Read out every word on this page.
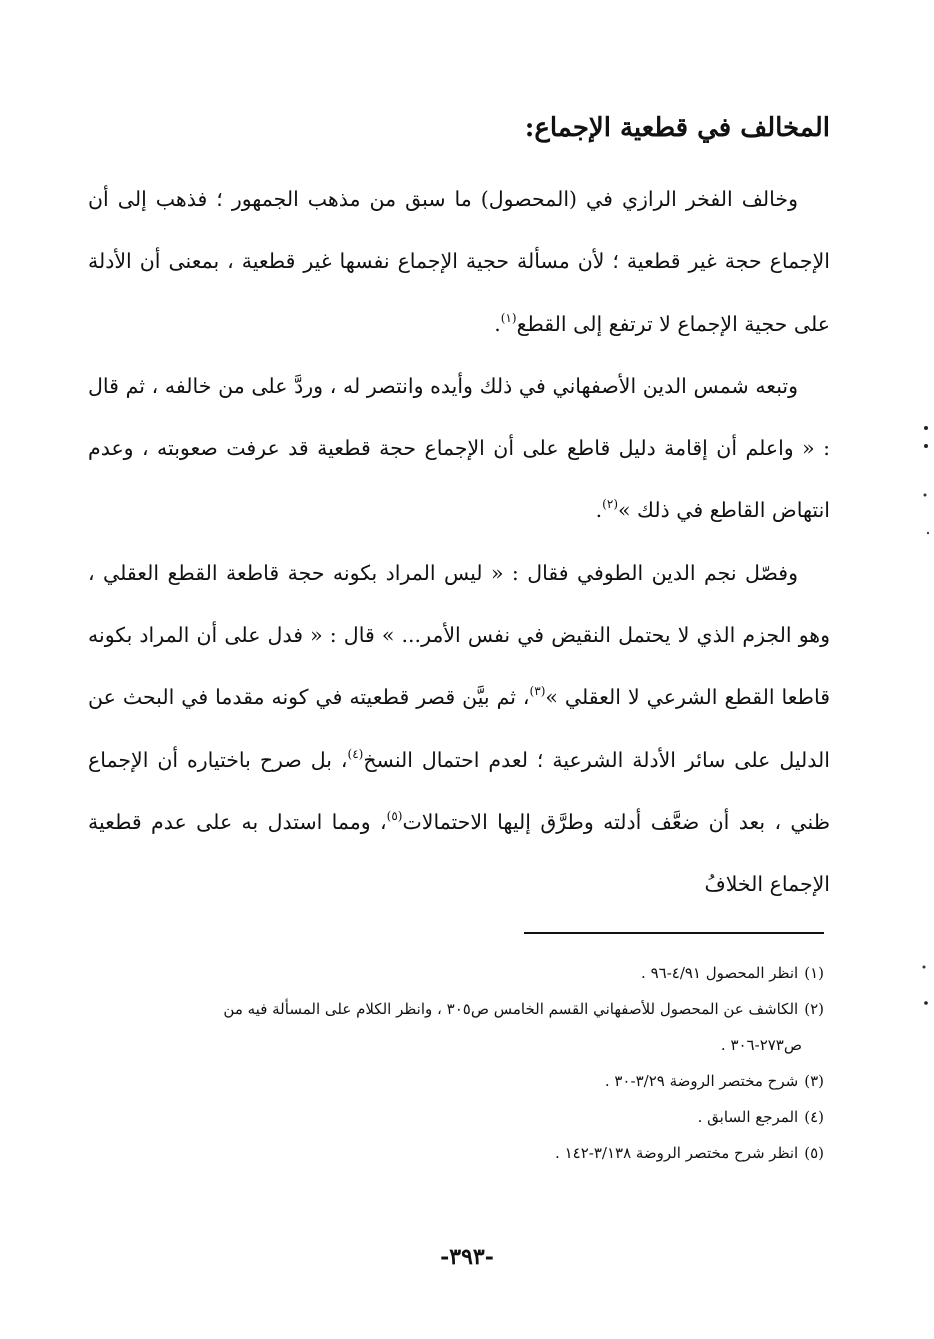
المخالف في قطعية الإجماع:

وخالف الفخر الرازي في (المحصول) ما سبق من مذهب الجمهور ؛ فذهب إلى أن الإجماع حجة غير قطعية ؛ لأن مسألة حجية الإجماع نفسها غير قطعية ، بمعنى أن الأدلة على حجية الإجماع لا ترتفع إلى القطع$^{(١)}$.

وتبعه شمس الدين الأصفهاني في ذلك وأيده وانتصر له ، وردَّ على من خالفه ، ثم قال : « واعلم أن إقامة دليل قاطع على أن الإجماع حجة قطعية قد عرفت صعوبته ، وعدم انتهاض القاطع في ذلك »$^{(٢)}$.

وفصّل نجم الدين الطوفي فقال : « ليس المراد بكونه حجة قاطعة القطع العقلي ، وهو الجزم الذي لا يحتمل النقيض في نفس الأمر... » قال : « فدل على أن المراد بكونه قاطعا القطع الشرعي لا العقلي »$^{(٣)}$، ثم بيَّن قصر قطعيته في كونه مقدما في البحث عن الدليل على سائر الأدلة الشرعية ؛ لعدم احتمال النسخ$^{(٤)}$، بل صرح باختياره أن الإجماع ظني ، بعد أن ضعَّف أدلته وطرَّق إليها الاحتمالات$^{(٥)}$، ومما استدل به على عدم قطعية الإجماع الخلافُ

(١)انظر المحصول ٤/٩١-٩٦ .

(٢)الكاشف عن المحصول للأصفهاني القسم الخامس ص٣٠٥ ، وانظر الكلام على المسألة فيه من

ص٢٧٣-٣٠٦ .

(٣)شرح مختصر الروضة ٣/٢٩-٣٠ .

(٤)المرجع السابق .

(٥)انظر شرح مختصر الروضة ٣/١٣٨-١٤٢ .

-٣٩٣-
